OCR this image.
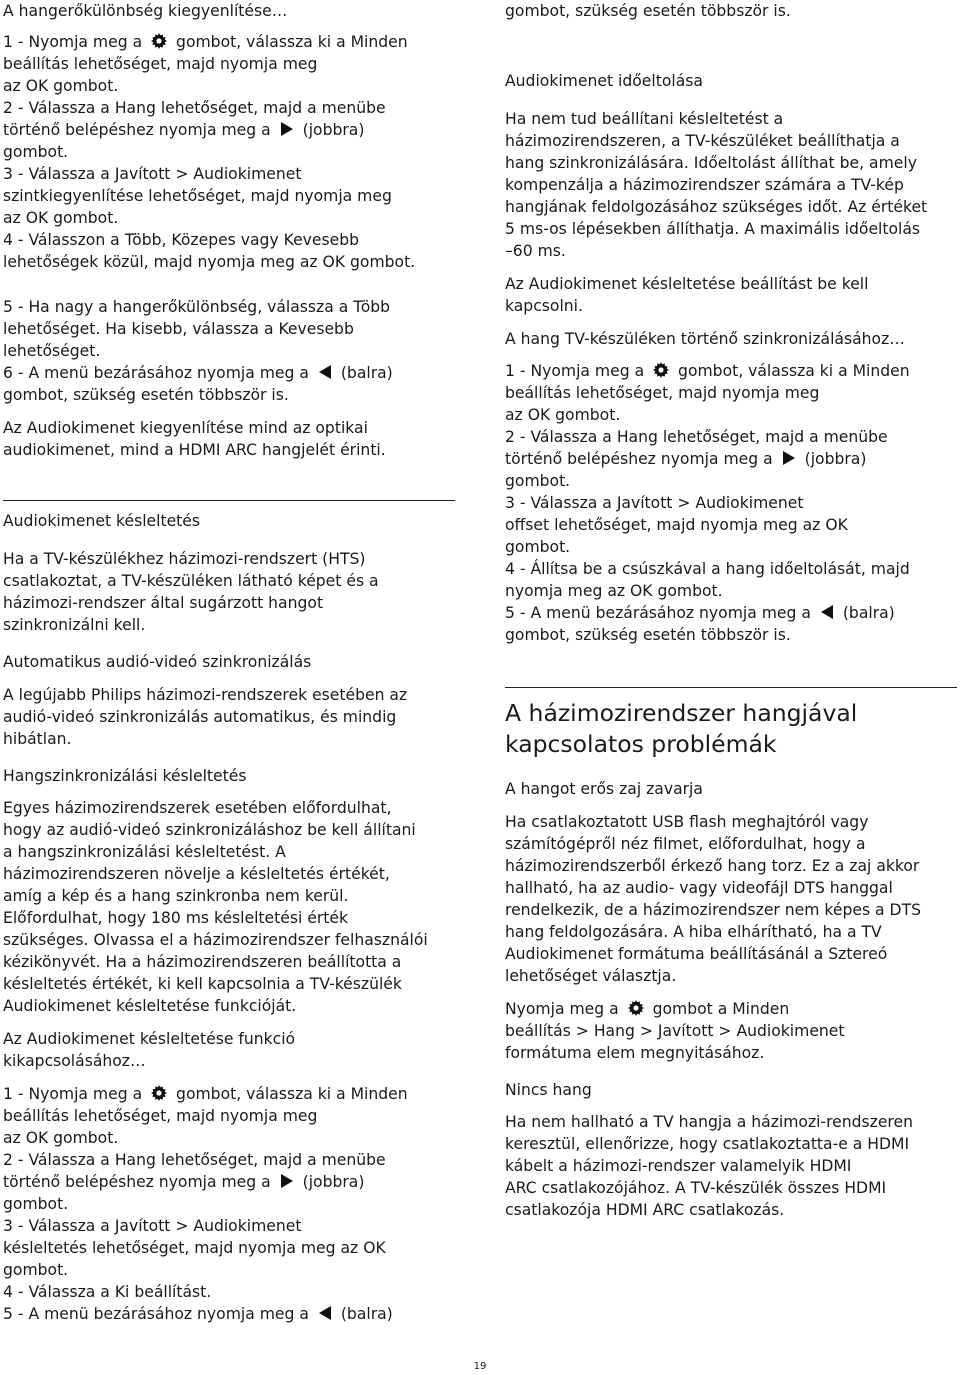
A hangerőkülönbség kiegyenlítése…
1 - Nyomja meg a  gombot, válassza ki a Minden
beállítás lehetőséget, majd nyomja meg
az OK gombot.
2 - Válassza a Hang lehetőséget, majd a menübe
történő belépéshez nyomja meg a  (jobbra)
gombot.
3 - Válassza a Javított > Audiokimenet
szintkiegyenlítése lehetőséget, majd nyomja meg
az OK gombot.
4 - Válasszon a Több, Közepes vagy Kevesebb
lehetőségek közül, majd nyomja meg az OK gombot.
5 - Ha nagy a hangerőkülönbség, válassza a Több
lehetőséget. Ha kisebb, válassza a Kevesebb
lehetőséget.
6 - A menü bezárásához nyomja meg a  (balra)
gombot, szükség esetén többször is.
Az Audiokimenet kiegyenlítése mind az optikai
audiokimenet, mind a HDMI ARC hangjelét érinti.
Audiokimenet késleltetés
Ha a TV-készülékhez házimozi-rendszert (HTS)
csatlakoztat, a TV-készüléken látható képet és a
házimozi-rendszer által sugárzott hangot
szinkronizálni kell.
Automatikus audió-videó szinkronizálás
A legújabb Philips házimozi-rendszerek esetében az
audió-videó szinkronizálás automatikus, és mindig
hibátlan.
Hangszinkronizálási késleltetés
Egyes házimozirendszerek esetében előfordulhat,
hogy az audió-videó szinkronizáláshoz be kell állítani
a hangszinkronizálási késleltetést. A
házimozirendszeren növelje a késleltetés értékét,
amíg a kép és a hang szinkronba nem kerül.
Előfordulhat, hogy 180 ms késleltetési érték
szükséges. Olvassa el a házimozirendszer felhasználói
kézikönyvét. Ha a házimozirendszeren beállította a
késleltetés értékét, ki kell kapcsolnia a TV-készülék
Audiokimenet késleltetése funkcióját.
Az Audiokimenet késleltetése funkció
kikapcsolásához…
1 - Nyomja meg a  gombot, válassza ki a Minden
beállítás lehetőséget, majd nyomja meg
az OK gombot.
2 - Válassza a Hang lehetőséget, majd a menübe
történő belépéshez nyomja meg a  (jobbra)
gombot.
3 - Válassza a Javított > Audiokimenet
késleltetés lehetőséget, majd nyomja meg az OK
gombot.
4 - Válassza a Ki beállítást.
5 - A menü bezárásához nyomja meg a  (balra)
gombot, szükség esetén többször is.
Audiokimenet időeltolása
Ha nem tud beállítani késleltetést a
házimozirendszeren, a TV-készüléket beállíthatja a
hang szinkronizálására. Időeltolást állíthat be, amely
kompenzálja a házimozirendszer számára a TV-kép
hangjának feldolgozásához szükséges időt. Az értéket
5 ms-os lépésekben állíthatja. A maximális időeltolás
–60 ms.
Az Audiokimenet késleltetése beállítást be kell
kapcsolni.
A hang TV-készüléken történő szinkronizálásához…
1 - Nyomja meg a  gombot, válassza ki a Minden
beállítás lehetőséget, majd nyomja meg
az OK gombot.
2 - Válassza a Hang lehetőséget, majd a menübe
történő belépéshez nyomja meg a  (jobbra)
gombot.
3 - Válassza a Javított > Audiokimenet
offset lehetőséget, majd nyomja meg az OK
gombot.
4 - Állítsa be a csúszkával a hang időeltolását, majd
nyomja meg az OK gombot.
5 - A menü bezárásához nyomja meg a  (balra)
gombot, szükség esetén többször is.
A hangot erős zaj zavarja
Ha csatlakoztatott USB flash meghajtóról vagy
számítógépről néz filmet, előfordulhat, hogy a
házimozirendszerből érkező hang torz. Ez a zaj akkor
hallható, ha az audio- vagy videofájl DTS hanggal
rendelkezik, de a házimozirendszer nem képes a DTS
hang feldolgozására. A hiba elhárítható, ha a TV
Audiokimenet formátuma beállításánál a Sztereó
lehetőséget választja.
Nyomja meg a  gombot a Minden
beállítás > Hang > Javított > Audiokimenet
formátuma elem megnyitásához.
Nincs hang
Ha nem hallható a TV hangja a házimozi-rendszeren
keresztül, ellenőrizze, hogy csatlakoztatta-e a HDMI
kábelt a házimozi-rendszer valamelyik HDMI
ARC csatlakozójához. A TV-készülék összes HDMI
csatlakozója HDMI ARC csatlakozás.
A házimozirendszer hangjával
kapcsolatos problémák
19
